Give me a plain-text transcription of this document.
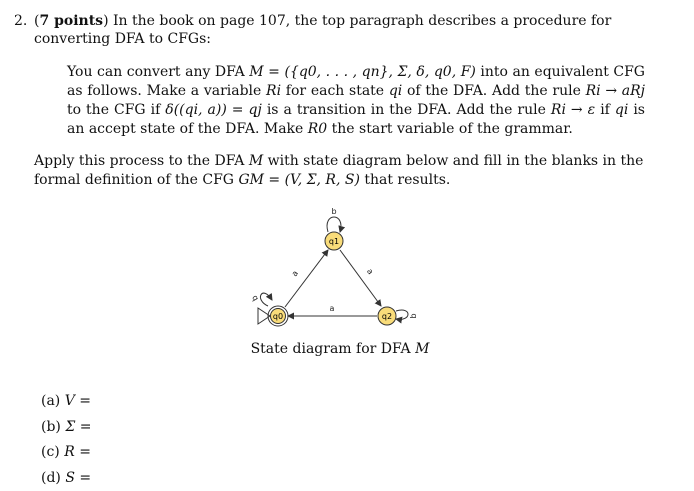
2. (7 points) In the book on page 107, the top paragraph describes a procedure for converting DFA to CFGs:
You can convert any DFA M = ({q0, . . . , qn}, Σ, δ, q0, F) into an equivalent CFG as follows. Make a variable Ri for each state qi of the DFA. Add the rule Ri → aRj to the CFG if δ((qi, a)) = qj is a transition in the DFA. Add the rule Ri → ε if qi is an accept state of the DFA. Make R0 the start variable of the grammar.
Apply this process to the DFA M with state diagram below and fill in the blanks in the formal definition of the CFG GM = (V, Σ, R, S) that results.
q1
q0	q2
a	a
a
b
b
b
State diagram for DFA M
(a) V =
(b) Σ =
(c) R =
(d) S =
